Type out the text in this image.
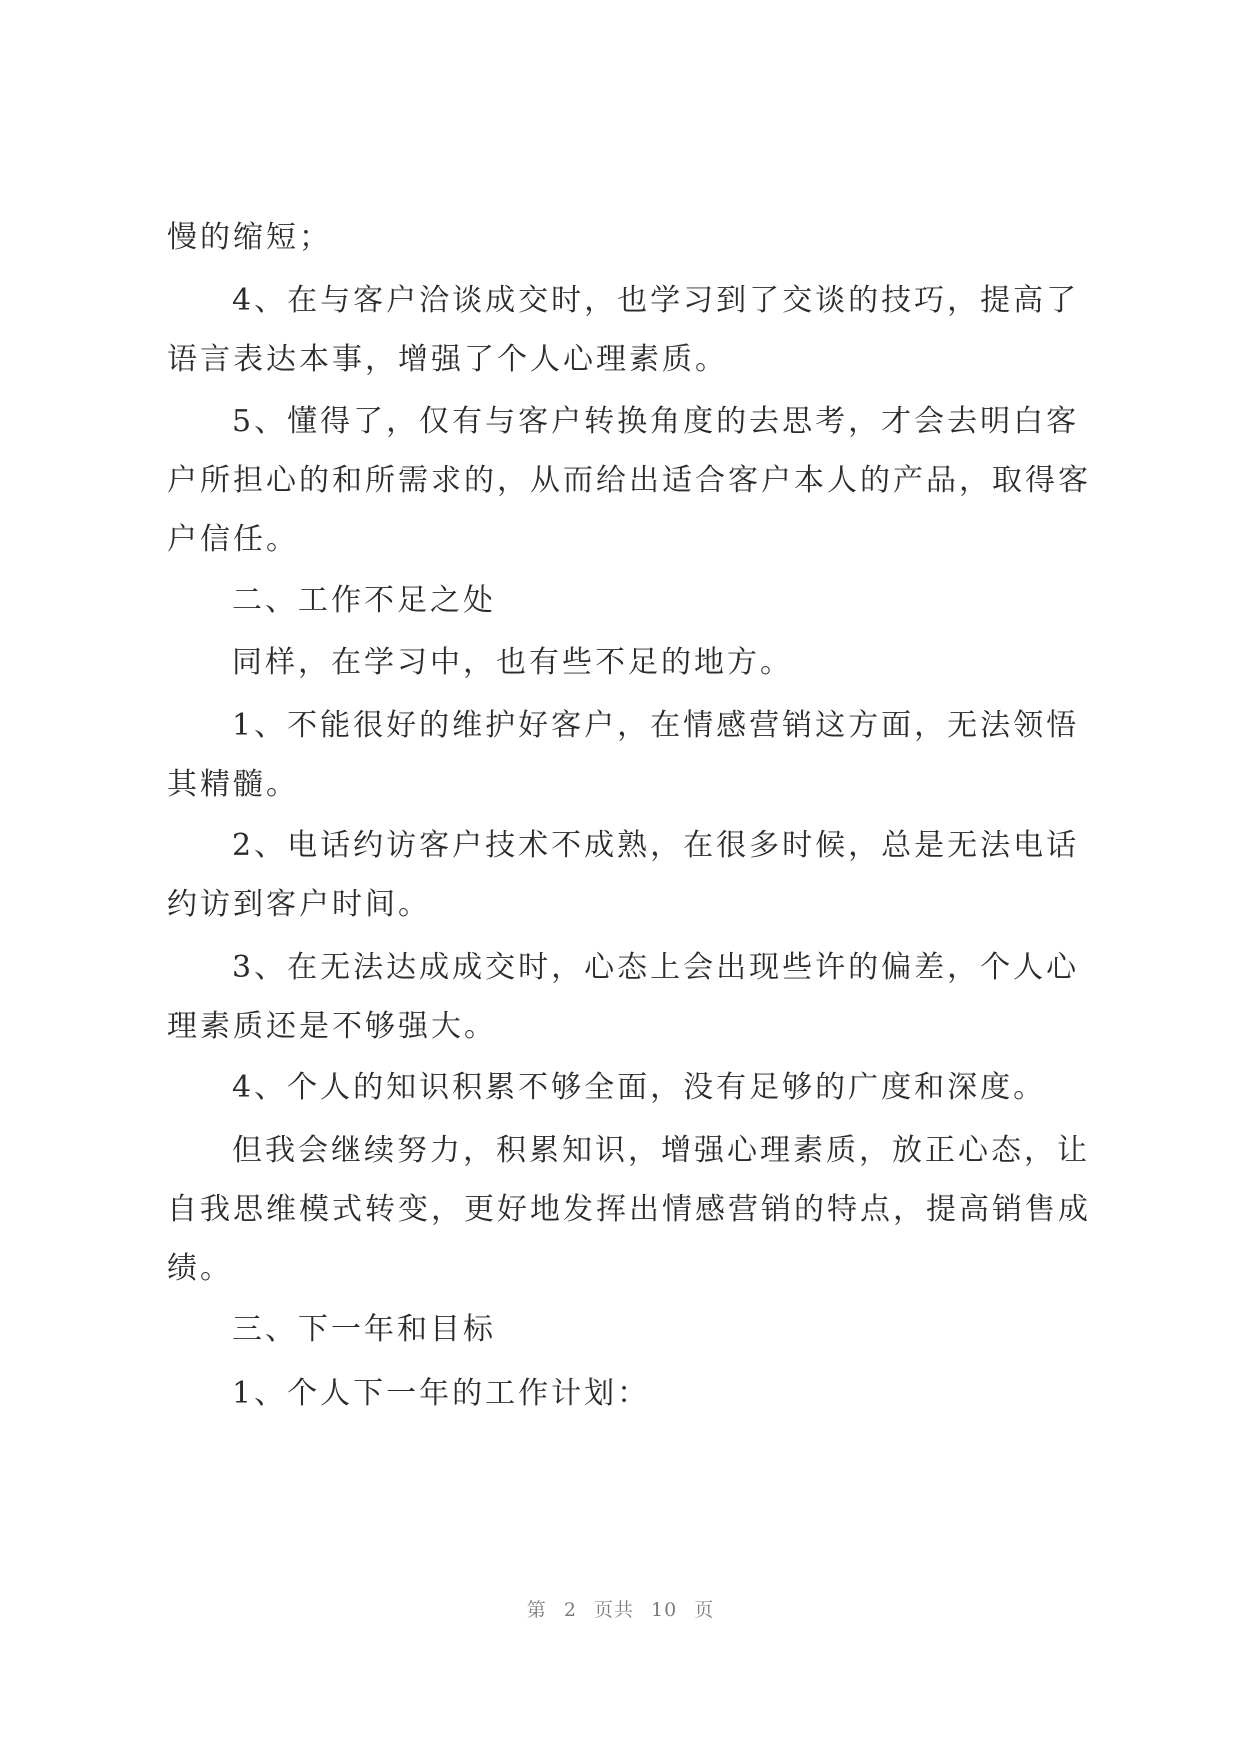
慢的缩短；
4、在与客户洽谈成交时，也学习到了交谈的技巧，提高了
语言表达本事，增强了个人心理素质。
5、懂得了，仅有与客户转换角度的去思考，才会去明白客
户所担心的和所需求的，从而给出适合客户本人的产品，取得客
户信任。
二、工作不足之处
同样，在学习中，也有些不足的地方。
1、不能很好的维护好客户，在情感营销这方面，无法领悟
其精髓。
2、电话约访客户技术不成熟，在很多时候，总是无法电话
约访到客户时间。
3、在无法达成成交时，心态上会出现些许的偏差，个人心
理素质还是不够强大。
4、个人的知识积累不够全面，没有足够的广度和深度。
但我会继续努力，积累知识，增强心理素质，放正心态，让
自我思维模式转变，更好地发挥出情感营销的特点，提高销售成
绩。
三、下一年和目标
1、个人下一年的工作计划：
第 2 页共 10 页
